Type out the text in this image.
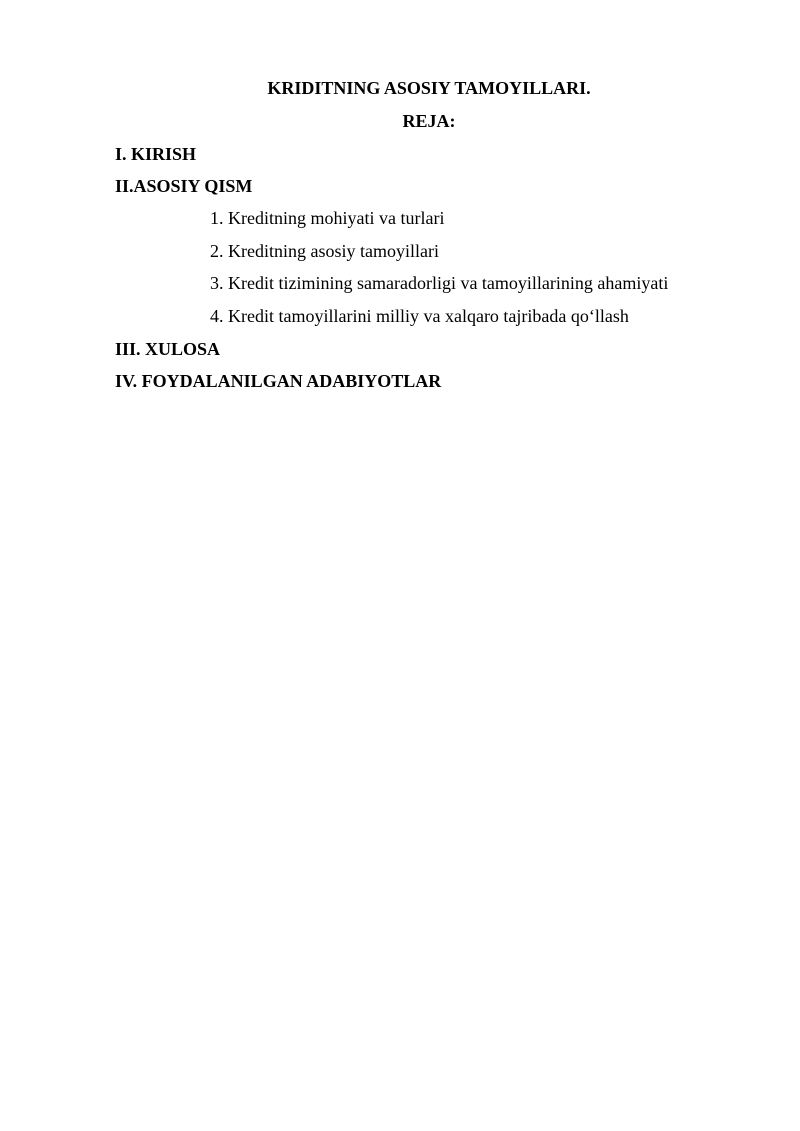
KRIDITNING ASOSIY TAMOYILLARI.
REJA:

I. KIRISH

II.ASOSIY QISM

1. Kreditning mohiyati va turlari

2. Kreditning asosiy tamoyillari

3. Kredit tizimining samaradorligi va tamoyillarining ahamiyati

4. Kredit tamoyillarini milliy va xalqaro tajribada qo‘llash

III. XULOSA

IV. FOYDALANILGAN ADABIYOTLAR
